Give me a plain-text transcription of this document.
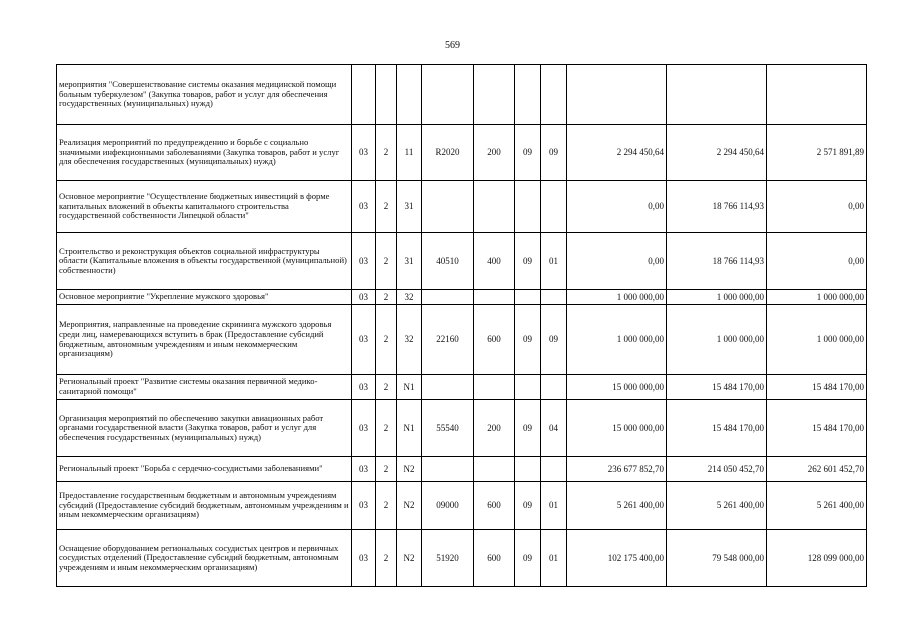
569
мероприятия "Совершенствование системы оказания медицинской помощи больным туберкулезом" (Закупка товаров, работ и услуг для обеспечения государственных (муниципальных) нужд)										
Реализация мероприятий по предупреждению и борьбе с социально значимыми инфекционными заболеваниями (Закупка товаров, работ и услуг для обеспечения государственных (муниципальных) нужд)	03	2	11	R2020	200	09	09	2 294 450,64	2 294 450,64	2 571 891,89
Основное мероприятие "Осуществление бюджетных инвестиций в форме капитальных вложений в объекты капитального строительства государственной собственности Липецкой области"	03	2	31					0,00	18 766 114,93	0,00
Строительство и реконструкция объектов социальной инфраструктуры области (Капитальные вложения в объекты государственной (муниципальной) собственности)	03	2	31	40510	400	09	01	0,00	18 766 114,93	0,00
Основное мероприятие "Укрепление мужского здоровья"	03	2	32					1 000 000,00	1 000 000,00	1 000 000,00
Мероприятия, направленные на проведение скрининга мужского здоровья среди лиц, намеревающихся вступить в брак (Предоставление субсидий бюджетным, автономным учреждениям и иным некоммерческим организациям)	03	2	32	22160	600	09	09	1 000 000,00	1 000 000,00	1 000 000,00
Региональный проект "Развитие системы оказания первичной медико-санитарной помощи"	03	2	N1					15 000 000,00	15 484 170,00	15 484 170,00
Организация мероприятий по обеспечению закупки авиационных работ органами государственной власти (Закупка товаров, работ и услуг для обеспечения государственных (муниципальных) нужд)	03	2	N1	55540	200	09	04	15 000 000,00	15 484 170,00	15 484 170,00
Региональный проект "Борьба с сердечно-сосудистыми заболеваниями"	03	2	N2					236 677 852,70	214 050 452,70	262 601 452,70
Предоставление государственным бюджетным и автономным учреждениям субсидий (Предоставление субсидий бюджетным, автономным учреждениям и иным некоммерческим организациям)	03	2	N2	09000	600	09	01	5 261 400,00	5 261 400,00	5 261 400,00
Оснащение оборудованием региональных сосудистых центров и первичных сосудистых отделений (Предоставление субсидий бюджетным, автономным учреждениям и иным некоммерческим организациям)	03	2	N2	51920	600	09	01	102 175 400,00	79 548 000,00	128 099 000,00
